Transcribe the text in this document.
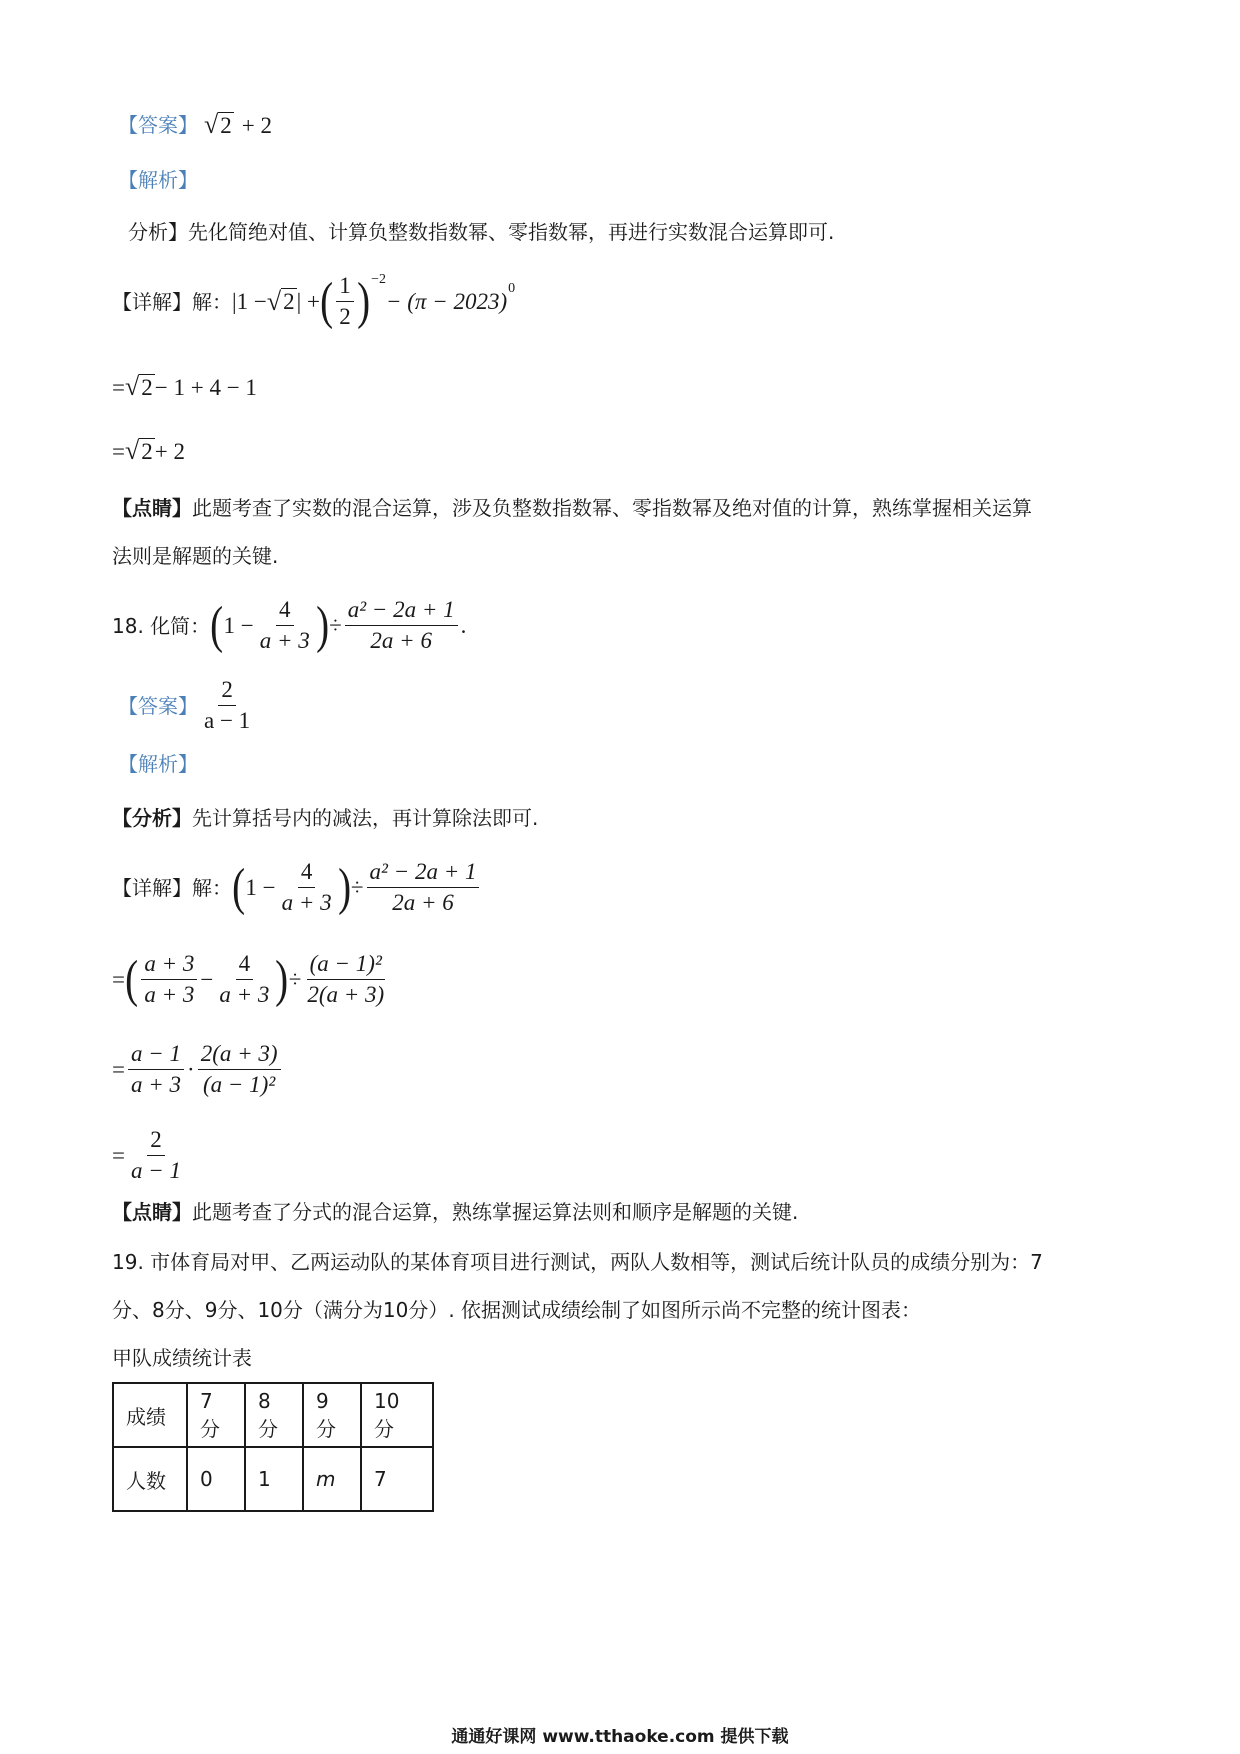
【答案】 √ 2 + 2
【解析】
分析】先化简绝对值、计算负整数指数幂、零指数幂，再进行实数混合运算即可.
【详解】解： |1 − √ 2 | + ( $\frac{1}{2}$ ) −2
− (π − 2023)
0
= √ 2 − 1 + 4 − 1
= √ 2 + 2
【点睛】此题考查了实数的混合运算，涉及负整数指数幂、零指数幂及绝对值的计算，熟练掌握相关运算
法则是解题的关键.
18. 化简： ( $1 - \frac{4}{a + 3}$ ) ÷ $\frac{\text{a² − 2a + 1}}{2a + 6}$ .
【答案】 $\frac{2}{a - 1}$
【解析】
【分析】先计算括号内的减法，再计算除法即可.
【详解】解： ( $1 - \frac{4}{a + 3}$ ) ÷ $\frac{\text{a² − 2a + 1}}{2a + 6}$
= ( $\frac{a + 3}{a + 3} - \frac{4}{a + 3}$ ) ÷ $\frac{\text{(a − 1)²}}{2(a + 3)}$
= $\frac{a - 1}{a + 3} \cdot \frac{2(a + 3)}{\text{(a − 1)²}}$
= $\frac{2}{a - 1}$
【点睛】此题考查了分式的混合运算，熟练掌握运算法则和顺序是解题的关键.
19. 市体育局对甲、乙两运动队的某体育项目进行测试，两队人数相等，测试后统计队员的成绩分别为：7
分、8分、9分、10分（满分为10分）. 依据测试成绩绘制了如图所示尚不完整的统计图表：
甲队成绩统计表
成绩	7 分	8 分	9 分	10 分
人数	0	1	m	7
通通好课网 www.tthaoke.com 提供下载
